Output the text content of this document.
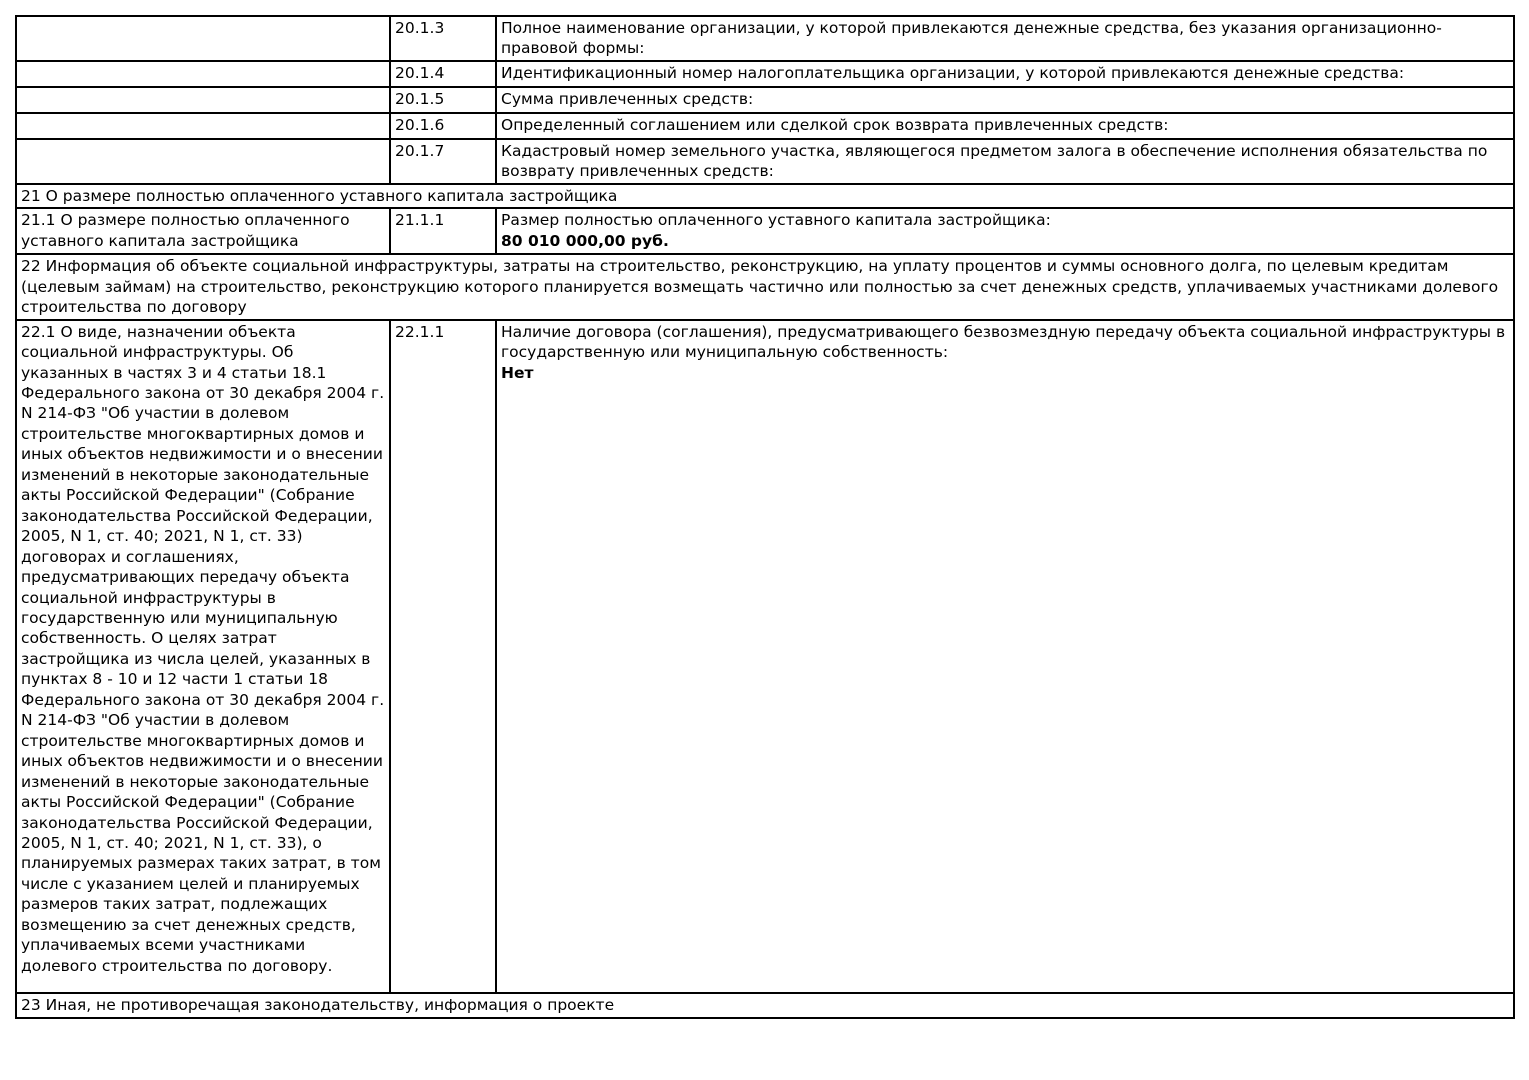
	20.1.3	Полное наименование организации, у которой привлекаются денежные средства, без указания организационно-правовой формы:
	20.1.4	Идентификационный номер налогоплательщика организации, у которой привлекаются денежные средства:
	20.1.5	Сумма привлеченных средств:
	20.1.6	Определенный соглашением или сделкой срок возврата привлеченных средств:
	20.1.7	Кадастровый номер земельного участка, являющегося предметом залога в обеспечение исполнения обязательства по возврату привлеченных средств:
21 О размере полностью оплаченного уставного капитала застройщика		
21.1 О размере полностью оплаченного уставного капитала застройщика	21.1.1	Размер полностью оплаченного уставного капитала застройщика:
80 010 000,00 руб.

22 Информация об объекте социальной инфраструктуры, затраты на строительство, реконструкцию, на уплату процентов и суммы основного долга, по целевым кредитам (целевым займам) на строительство, реконструкцию которого планируется возмещать частично или полностью за счет денежных средств, уплачиваемых участниками долевого строительства по договору		
22.1 О виде, назначении объекта социальной инфраструктуры. Об указанных в частях 3 и 4 статьи 18.1 Федерального закона от 30 декабря 2004 г. N 214-ФЗ "Об участии в долевом строительстве многоквартирных домов и иных объектов недвижимости и о внесении изменений в некоторые законодательные акты Российской Федерации" (Собрание законодательства Российской Федерации, 2005, N 1, ст. 40; 2021, N 1, ст. 33) договорах и соглашениях, предусматривающих передачу объекта социальной инфраструктуры в государственную или муниципальную собственность. О целях затрат застройщика из числа целей, указанных в пунктах 8 - 10 и 12 части 1 статьи 18 Федерального закона от 30 декабря 2004 г. N 214-ФЗ "Об участии в долевом строительстве многоквартирных домов и иных объектов недвижимости и о внесении изменений в некоторые законодательные акты Российской Федерации" (Собрание законодательства Российской Федерации, 2005, N 1, ст. 40; 2021, N 1, ст. 33), о планируемых размерах таких затрат, в том числе с указанием целей и планируемых размеров таких затрат, подлежащих возмещению за счет денежных средств, уплачиваемых всеми участниками долевого строительства по договору.	22.1.1	Наличие договора (соглашения), предусматривающего безвозмездную передачу объекта социальной инфраструктуры в государственную или муниципальную собственность:
Нет

23 Иная, не противоречащая законодательству, информация о проекте		
